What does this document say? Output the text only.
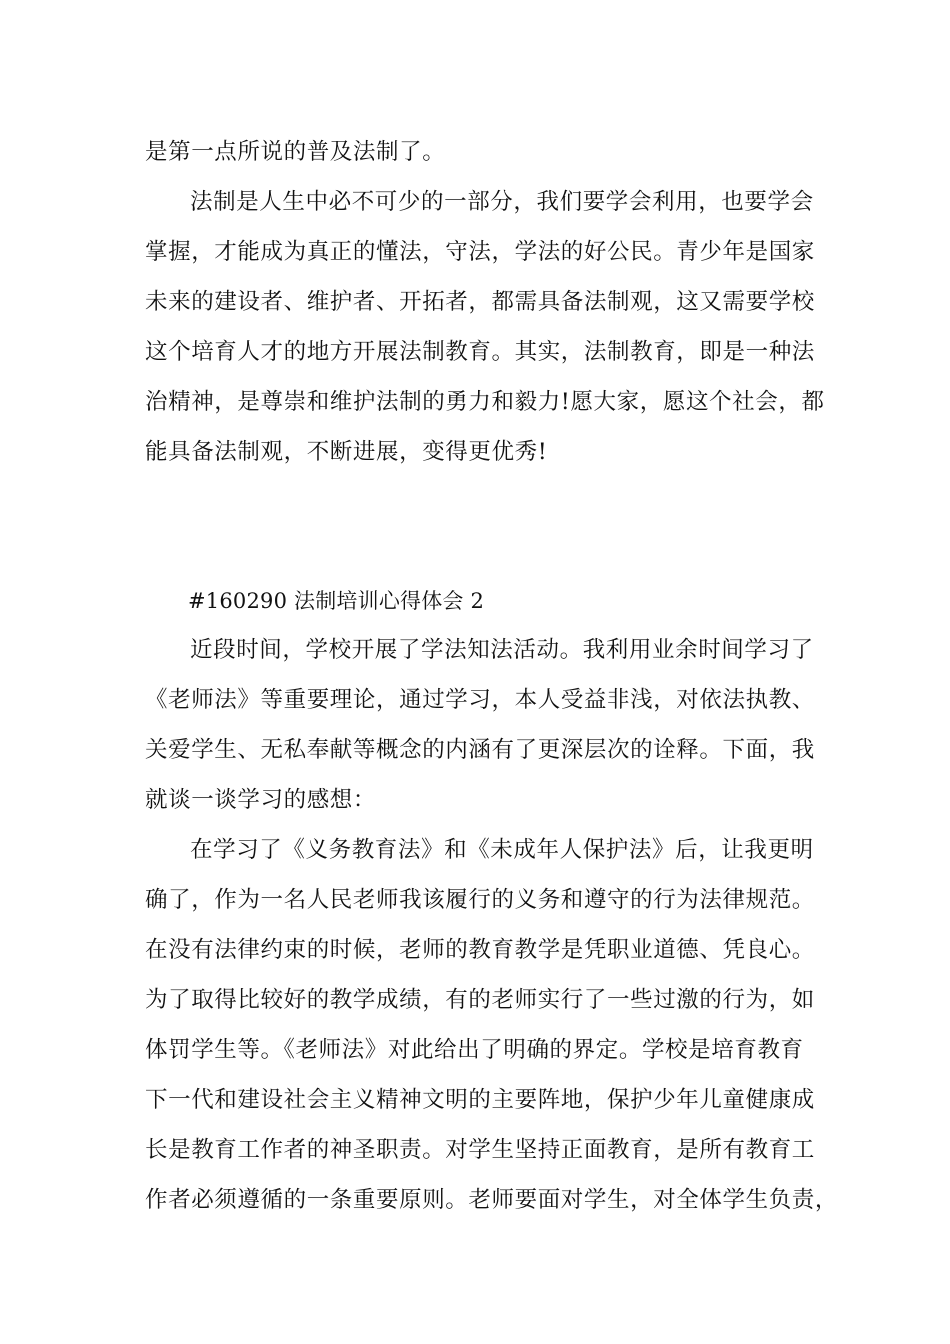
是第一点所说的普及法制了。
法制是人生中必不可少的一部分，我们要学会利用，也要学会
掌握，才能成为真正的懂法，守法，学法的好公民。青少年是国家
未来的建设者、维护者、开拓者，都需具备法制观，这又需要学校
这个培育人才的地方开展法制教育。其实，法制教育，即是一种法
治精神，是尊崇和维护法制的勇力和毅力!愿大家，愿这个社会，都
能具备法制观，不断进展，变得更优秀!
#160290 法制培训心得体会 2
近段时间，学校开展了学法知法活动。我利用业余时间学习了
《老师法》等重要理论，通过学习，本人受益非浅，对依法执教、
关爱学生、无私奉献等概念的内涵有了更深层次的诠释。下面，我
就谈一谈学习的感想：
在学习了《义务教育法》和《未成年人保护法》后，让我更明
确了，作为一名人民老师我该履行的义务和遵守的行为法律规范。
在没有法律约束的时候，老师的教育教学是凭职业道德、凭良心。
为了取得比较好的教学成绩，有的老师实行了一些过激的行为，如
体罚学生等。《老师法》对此给出了明确的界定。学校是培育教育
下一代和建设社会主义精神文明的主要阵地，保护少年儿童健康成
长是教育工作者的神圣职责。对学生坚持正面教育，是所有教育工
作者必须遵循的一条重要原则。老师要面对学生，对全体学生负责，
